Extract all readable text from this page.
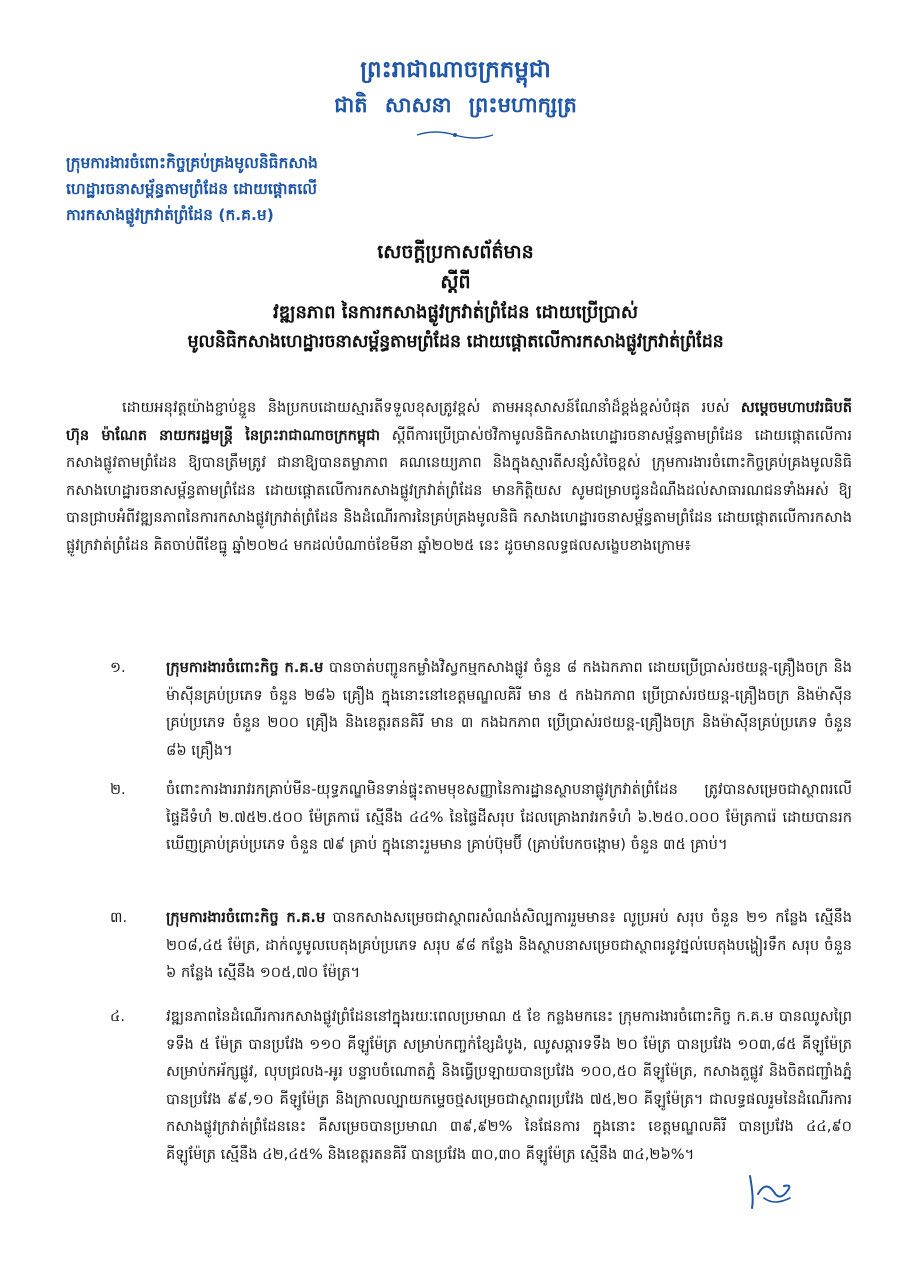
ព្រះរាជាណាចក្រកម្ពុជា
ជាតិ សាសនា ព្រះមហាក្សត្រ
ក្រុមការងារចំពោះកិច្ចគ្រប់គ្រងមូលនិធិកសាង
ហេដ្ឋារចនាសម្ព័ន្ធតាមព្រំដែន ដោយផ្តោតលើ
ការកសាងផ្លូវក្រវាត់ព្រំដែន (ក.គ.ម)
សេចក្តីប្រកាសព័ត៌មាន
ស្តីពី
វឌ្ឍនភាព នៃការកសាងផ្លូវក្រវាត់ព្រំដែន ដោយប្រើប្រាស់
មូលនិធិកសាងហេដ្ឋារចនាសម្ព័ន្ធតាមព្រំដែន ដោយផ្តោតលើការកសាងផ្លូវក្រវាត់ព្រំដែន
ដោយអនុវត្តយ៉ាងខ្ជាប់ខ្ជួន និងប្រកបដោយស្មារតីទទួលខុសត្រូវខ្ពស់ តាមអនុសាសន៍ណែនាំដ៏ខ្ពង់ខ្ពស់បំផុត របស់ សម្តេចមហាបវរធិបតី ហ៊ុន ម៉ាណែត នាយករដ្ឋមន្ត្រី នៃព្រះរាជាណាចក្រកម្ពុជា ស្តីពីការប្រើប្រាស់ថវិកាមូលនិធិកសាងហេដ្ឋារចនាសម្ព័ន្ធតាមព្រំដែន ដោយផ្តោតលើការកសាងផ្លូវតាមព្រំដែន ឱ្យបានត្រឹមត្រូវ ជានាឱ្យបានតម្លាភាព គណនេយ្យភាព និងក្នុងស្មារតីសន្សំសំចៃខ្ពស់ ក្រុមការងារចំពោះកិច្ចគ្រប់គ្រងមូលនិធិកសាងហេដ្ឋារចនាសម្ព័ន្ធតាមព្រំដែន ដោយផ្តោតលើការកសាងផ្លូវក្រវាត់ព្រំដែន មានកិត្តិយស សូមជម្រាបជូនដំណឹងដល់សាធារណជនទាំងអស់ ឱ្យបានជ្រាបអំពីវឌ្ឍនភាពនៃការកសាងផ្លូវក្រវាត់ព្រំដែន និងដំណើរការនៃគ្រប់គ្រងមូលនិធិ កសាងហេដ្ឋារចនាសម្ព័ន្ធតាមព្រំដែន ដោយផ្តោតលើការកសាងផ្លូវក្រវាត់ព្រំដែន គិតចាប់ពីខែធ្នូ ឆ្នាំ២០២៤ មកដល់បំណាច់ខែមីនា ឆ្នាំ២០២៥ នេះ ដូចមានលទ្ធផលសង្ខេបខាងក្រោម៖
១.	ក្រុមការងារចំពោះកិច្ច ក.គ.ម បានចាត់បញ្ជូនកម្លាំងវិស្វកម្មកសាងផ្លូវ ចំនួន ៨ កងឯកភាព ដោយប្រើប្រាស់រថយន្ត-គ្រឿងចក្រ និងម៉ាស៊ីនគ្រប់ប្រភេទ ចំនួន ២៨៦ គ្រឿង ក្នុងនោះនៅខេត្តមណ្ឌលគិរី មាន ៥ កងឯកភាព ប្រើប្រាស់រថយន្ត-គ្រឿងចក្រ និងម៉ាស៊ីនគ្រប់ប្រភេទ ចំនួន ២០០ គ្រឿង និងខេត្តរតនគិរី មាន ៣ កងឯកភាព ប្រើប្រាស់រថយន្ត-គ្រឿងចក្រ និងម៉ាស៊ីនគ្រប់ប្រភេទ ចំនួន ៨៦ គ្រឿង។
២.	ចំពោះការងាររាវរកគ្រាប់មីន-យុទ្ធភណ្ឌមិនទាន់ផ្ទុះតាមមុខសញ្ញានៃការដ្ឋានស្ថាបនាផ្លូវក្រវាត់ព្រំដែន ត្រូវបានសម្រេចជាស្ថាពរលើផ្ទៃដីទំហំ ២.៧៥២.៥០០ ម៉ែត្រការ៉េ ស្មើនឹង ៤៤% នៃផ្ទៃដីសរុប ដែលគ្រោងរាវរកទំហំ ៦.២៥០.០០០ ម៉ែត្រការ៉េ ដោយបានរកឃើញគ្រាប់គ្រប់ប្រភេទ ចំនួន ៧៩ គ្រាប់ ក្នុងនោះរួមមាន គ្រាប់ប៊ុមប៊ី (គ្រាប់បែកចង្កោម) ចំនួន ៣៥ គ្រាប់។
៣.	ក្រុមការងារចំពោះកិច្ច ក.គ.ម បានកសាងសម្រេចជាស្ថាពរសំណង់សិល្បការរួមមាន៖ លូប្រអប់ សរុប ចំនួន ២១ កន្លែង ស្មើនឹង ២០៨,៤៥ ម៉ែត្រ, ដាក់លូមូលបេតុងគ្រប់ប្រភេទ សរុប ៩៨ កន្លែង និងស្ថាបនាសម្រេចជាស្ថាពរនូវថ្នល់បេតុងបង្ហៀរទឹក សរុប ចំនួន ៦ កន្លែង ស្មើនឹង ១០៥,៧០ ម៉ែត្រ។
៤.	វឌ្ឍនភាពនៃដំណើរការកសាងផ្លូវព្រំដែននៅក្នុងរយៈពេលប្រមាណ ៥ ខែ កន្លងមកនេះ ក្រុមការងារចំពោះកិច្ច ក.គ.ម បានឈូសព្រៃទទឹង ៥ ម៉ែត្រ បានប្រវែង ១១០ គីឡូម៉ែត្រ សម្រាប់កញ្ចក់ខ្សែដំបូង, ឈូសឆ្ការទទឹង ២០ ម៉ែត្រ បានប្រវែង ១០៣,៨៥ គីឡូម៉ែត្រ សម្រាប់កអ័ក្សផ្លូវ, លុបជ្រលង-អូរ បន្ទាបចំណោតភ្នំ និងធ្វើប្រឡាយបានប្រវែង ១០០,៥០ គីឡូម៉ែត្រ, កសាងតួផ្លូវ និងចិតជញ្ជាំងភ្នំ បានប្រវែង ៩៩,១០ គីឡូម៉ែត្រ និងក្រាលល្បាយកម្ទេចថ្មសម្រេចជាស្ថាពរប្រវែង ៧៥,២០ គីឡូម៉ែត្រ។ ជាលទ្ធផលរួមនៃដំណើរការកសាងផ្លូវក្រវាត់ព្រំដែននេះ គឺសម្រេចបានប្រមាណ ៣៩,៩២% នៃផែនការ ក្នុងនោះ ខេត្តមណ្ឌលគិរី បានប្រវែង ៤៤,៩០ គីឡូម៉ែត្រ ស្មើនឹង ៤២,៤៥% និងខេត្តរតនគិរី បានប្រវែង ៣០,៣០ គីឡូម៉ែត្រ ស្មើនឹង ៣៤,២៦%។
